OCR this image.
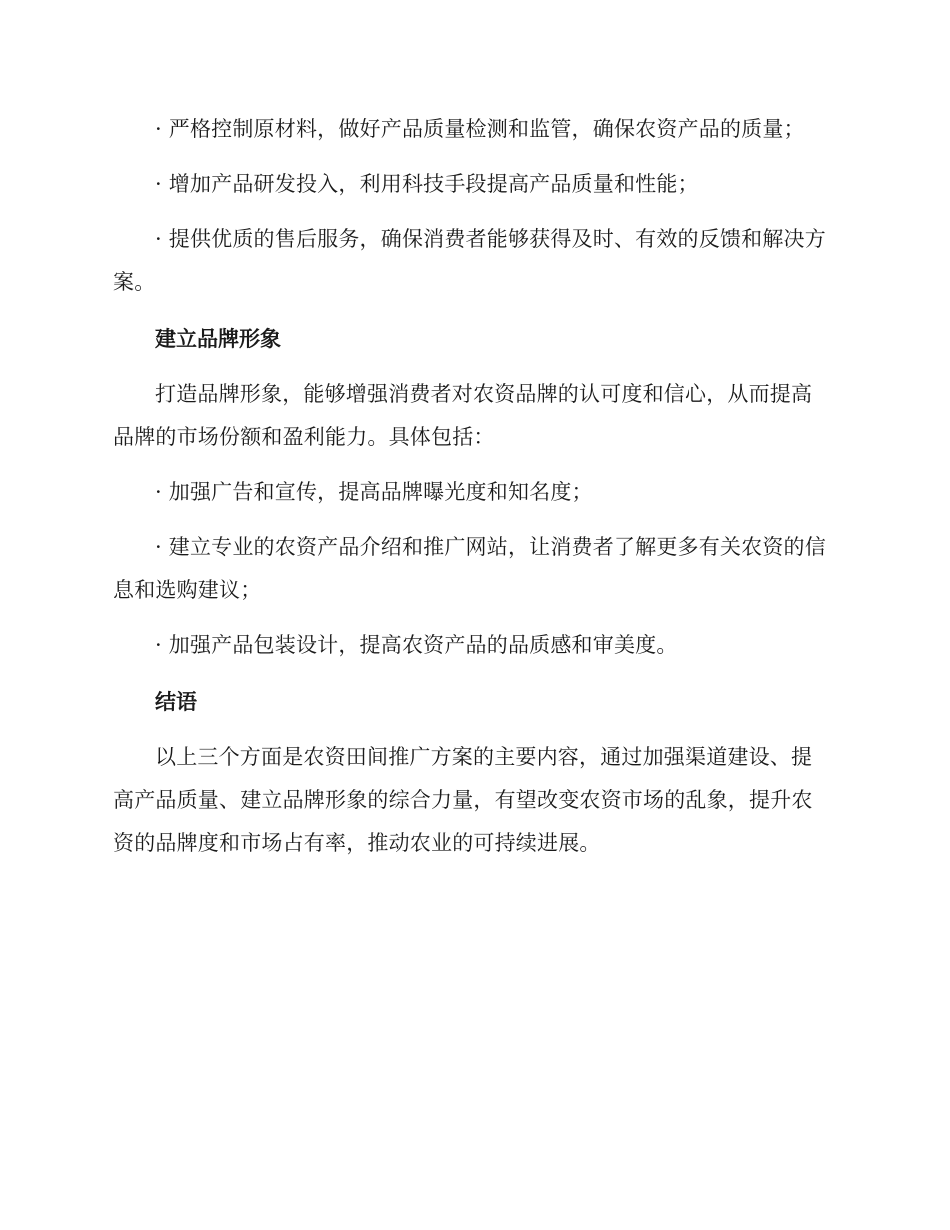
· 严格控制原材料，做好产品质量检测和监管，确保农资产品的质量；

· 增加产品研发投入，利用科技手段提高产品质量和性能；

· 提供优质的售后服务，确保消费者能够获得及时、有效的反馈和解决方案。

建立品牌形象

打造品牌形象，能够增强消费者对农资品牌的认可度和信心，从而提高品牌的市场份额和盈利能力。具体包括：

· 加强广告和宣传，提高品牌曝光度和知名度；

· 建立专业的农资产品介绍和推广网站，让消费者了解更多有关农资的信息和选购建议；

· 加强产品包装设计，提高农资产品的品质感和审美度。

结语

以上三个方面是农资田间推广方案的主要内容，通过加强渠道建设、提高产品质量、建立品牌形象的综合力量，有望改变农资市场的乱象，提升农资的品牌度和市场占有率，推动农业的可持续进展。
